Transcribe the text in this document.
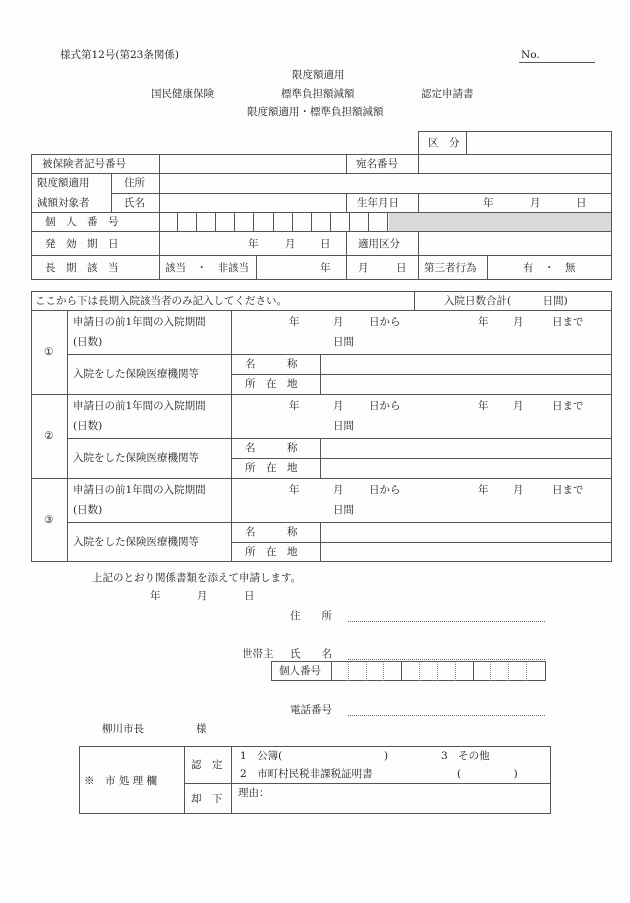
様式第12号(第23条関係)	No.
限度額適用
国民健康保険	標準負担額減額	認定申請書
限度額適用・標準負担額減額
区　分
被保険者記号番号	宛名番号
限度額適用
減額対象者
住所
氏名	生年月日	年	月	日
個　人　番　号
発　効　期　日	年	月 日	適用区分
長　期　該　当	該当　・　非該当	年	月	日 第三者行為	有　・　無
ここから下は長期入院該当者のみ記入してください。	入院日数合計(　　　日間)
①
申請日の前1年間の入院期間
(日数)
年	月 日から	年 月	日まで
日間
入院をした保険医療機関等
名　　　称
所　在　地
②
申請日の前1年間の入院期間
(日数)
年	月 日から	年 月	日まで
日間
入院をした保険医療機関等
名　　　称
所　在　地
③
申請日の前1年間の入院期間
(日数)
年	月 日から	年 月	日まで
日間
入院をした保険医療機関等
名　　　称
所　在　地
上記のとおり関係書類を添えて申請します。
年	月	日
住　　所
世帯主 氏　　名
個人番号
電話番号
柳川市長	様
※　市 処 理 欄
認　定
1　公簿(	)	3　その他
2　市町村民税非課税証明書	(　　　　　)
却　下 理由：
